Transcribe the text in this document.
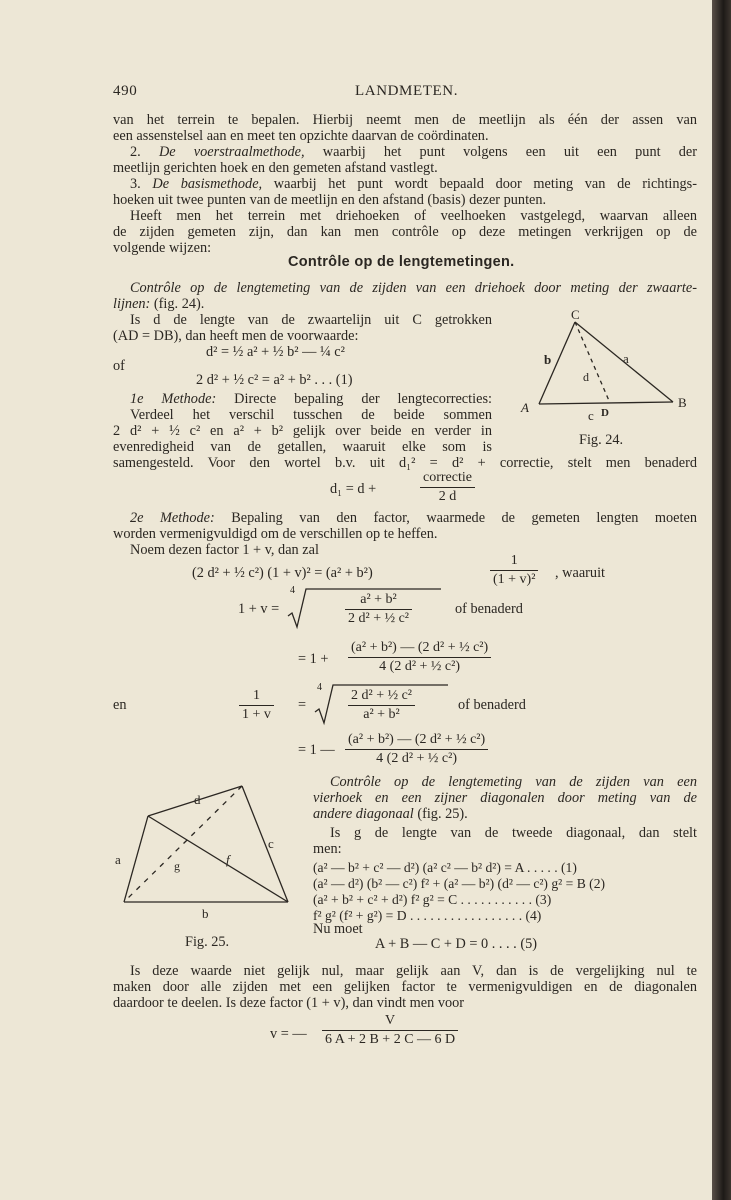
490	LANDMETEN.
van het terrein te bepalen. Hierbij neemt men de meetlijn als één der assen van
een assenstelsel aan en meet ten opzichte daarvan de coördinaten.
2. De voerstraalmethode, waarbij het punt volgens een uit een punt der
meetlijn gerichten hoek en den gemeten afstand vastlegt.
3. De basismethode, waarbij het punt wordt bepaald door meting van de richtings-
hoeken uit twee punten van de meetlijn en den afstand (basis) dezer punten.
Heeft men het terrein met driehoeken of veelhoeken vastgelegd, waarvan alleen
de zijden gemeten zijn, dan kan men contrôle op deze metingen verkrijgen op de
volgende wijzen:
Contrôle op de lengtemetingen.
Contrôle op de lengtemeting van de zijden van een driehoek door meting der zwaarte-
lijnen: (fig. 24).
Is d de lengte van de zwaartelijn uit C getrokken
(AD = DB), dan heeft men de voorwaarde:
d² = ½ a² + ½ b² — ¼ c²
of
2 d² + ½ c² = a² + b² . . . (1)
1e Methode: Directe bepaling der lengtecorrecties:
Verdeel het verschil tusschen de beide sommen
2 d² + ½ c² en a² + b² gelijk over beide en verder in
evenredigheid van de getallen, waaruit elke som is
samengesteld. Voor den wortel b.v. uit d₁² = d² + correctie, stelt men benaderd
C
A	B
D
a
b
c
d
Fig. 24.
d₁ = d +
correctie
2 d
2e Methode: Bepaling van den factor, waarmede de gemeten lengten moeten
worden vermenigvuldigd om de verschillen op te heffen.
Noem dezen factor 1 + v, dan zal
(2 d² + ½ c²) (1 + v)² = (a² + b²)	$\frac{1}{\text{(1 + v)²}}$ , waaruit
1 + v =
4
$\frac{\text{a² + b²}}{\text{2 d² + ½ c²}}$	of benaderd
= $1 + \frac{\text{(a² + b²) — (2 d² + ½ c²)}}{\text{4 (2 d² + ½ c²)}}$
en	$\frac{1}{1 + v}$ =
4
$\frac{\text{2 d² + ½ c²}}{\text{a² + b²}}$	of benaderd
= 1 — $\frac{\text{(a² + b²) — (2 d² + ½ c²)}}{\text{4 (2 d² + ½ c²)}}$
d
c
b
a	f
g
Fig. 25.
Contrôle op de lengtemeting van de zijden van een
vierhoek en een zijner diagonalen door meting van de
andere diagonaal (fig. 25).
Is g de lengte van de tweede diagonaal, dan stelt
men:
(a² — b² + c² — d²) (a² c² — b² d²) = A . . . . . (1)
(a² — d²) (b² — c²) f² + (a² — b²) (d² — c²) g² = B (2)
(a² + b² + c² + d²) f² g² = C . . . . . . . . . . . (3)
f² g² (f² + g²) = D . . . . . . . . . . . . . . . . . (4)
Nu moet
A + B — C + D = 0 . . . . (5)
Is deze waarde niet gelijk nul, maar gelijk aan V, dan is de vergelijking nul te
maken door alle zijden met een gelijken factor te vermenigvuldigen en de diagonalen
daardoor te deelen. Is deze factor (1 + v), dan vindt men voor
v = — $\frac{V}{6 A + 2 B + 2 C — 6 D}$
